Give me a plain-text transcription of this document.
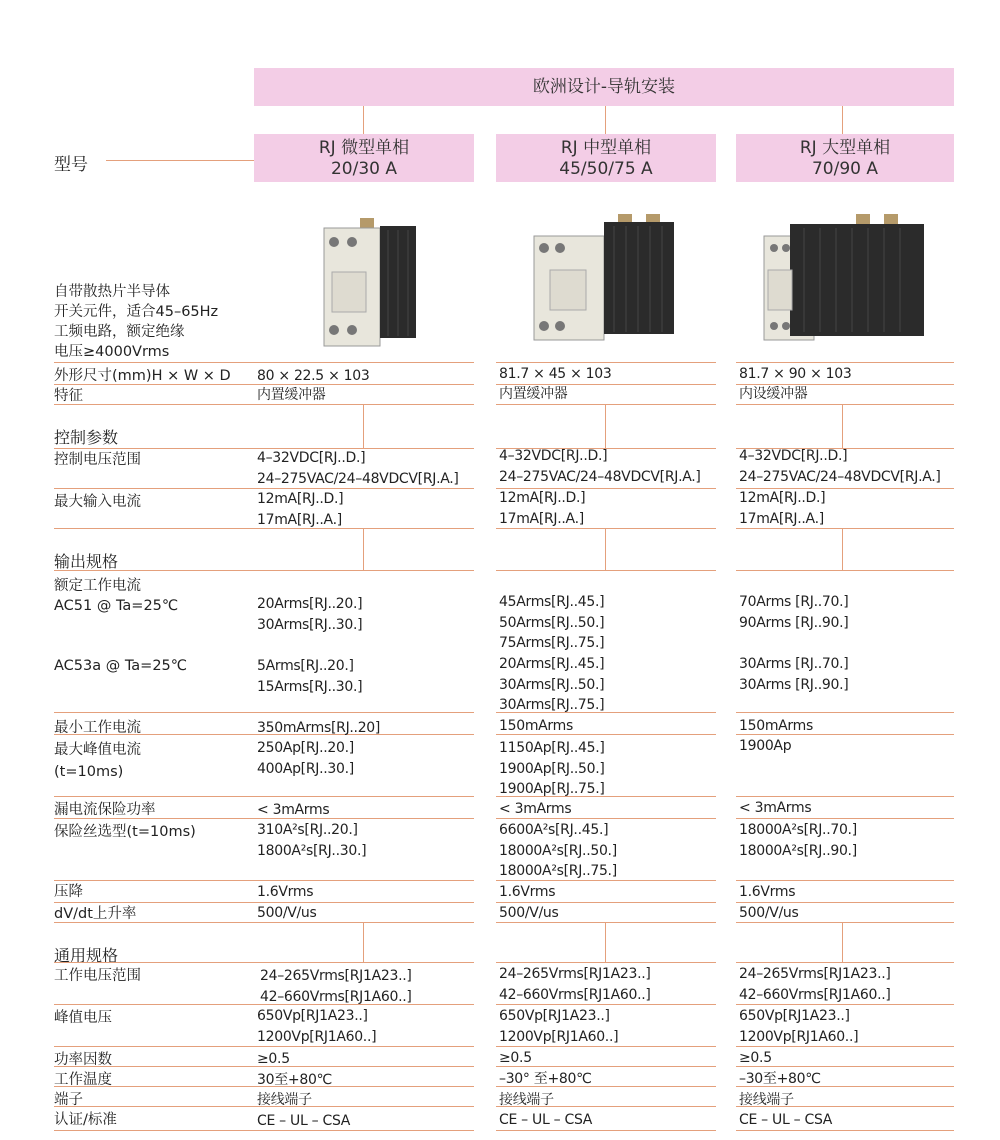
欧洲设计-导轨安装
型号
RJ 微型单相
20/30 A
RJ 中型单相
45/50/75 A
RJ 大型单相
70/90 A
自带散热片半导体
开关元件，适合45–65Hz
工频电路，额定绝缘
电压≥4000Vrms
外形尺寸(mm)H × W × D
特征
控制参数
控制电压范围
最大输入电流
输出规格
额定工作电流
AC51 @ Ta=25℃
AC53a @ Ta=25℃
最小工作电流
最大峰值电流
(t=10ms)
漏电流保险功率
保险丝选型(t=10ms)
压降
dV/dt上升率
通用规格
工作电压范围
峰值电压
功率因数
工作温度
端子
认证/标准
80 × 22.5 × 103
内置缓冲器
4–32VDC[RJ..D.]
24–275VAC/24–48VDCV[RJ.A.]
12mA[RJ..D.]
17mA[RJ..A.]
20Arms[RJ..20.]
30Arms[RJ..30.]
5Arms[RJ..20.]
15Arms[RJ..30.]
350mArms[RJ..20]
250Ap[RJ..20.]
400Ap[RJ..30.]
< 3mArms
310A²s[RJ..20.]
1800A²s[RJ..30.]
1.6Vrms
500/V/us
24–265Vrms[RJ1A23..]
42–660Vrms[RJ1A60..]
650Vp[RJ1A23..]
1200Vp[RJ1A60..]
≥0.5
30至+80℃
接线端子
CE – UL – CSA
81.7 × 45 × 103
内置缓冲器
4–32VDC[RJ..D.]
24–275VAC/24–48VDCV[RJ.A.]
12mA[RJ..D.]
17mA[RJ..A.]
45Arms[RJ..45.]
50Arms[RJ..50.]
75Arms[RJ..75.]
20Arms[RJ..45.]
30Arms[RJ..50.]
30Arms[RJ..75.]
150mArms
1150Ap[RJ..45.]
1900Ap[RJ..50.]
1900Ap[RJ..75.]
< 3mArms
6600A²s[RJ..45.]
18000A²s[RJ..50.]
18000A²s[RJ..75.]
1.6Vrms
500/V/us
24–265Vrms[RJ1A23..]
42–660Vrms[RJ1A60..]
650Vp[RJ1A23..]
1200Vp[RJ1A60..]
≥0.5
–30° 至+80℃
接线端子
CE – UL – CSA
81.7 × 90 × 103
内设缓冲器
4–32VDC[RJ..D.]
24–275VAC/24–48VDCV[RJ.A.]
12mA[RJ..D.]
17mA[RJ..A.]
70Arms [RJ..70.]
90Arms [RJ..90.]
30Arms [RJ..70.]
30Arms [RJ..90.]
150mArms
1900Ap
< 3mArms
18000A²s[RJ..70.]
18000A²s[RJ..90.]
1.6Vrms
500/V/us
24–265Vrms[RJ1A23..]
42–660Vrms[RJ1A60..]
650Vp[RJ1A23..]
1200Vp[RJ1A60..]
≥0.5
–30至+80℃
接线端子
CE – UL – CSA
